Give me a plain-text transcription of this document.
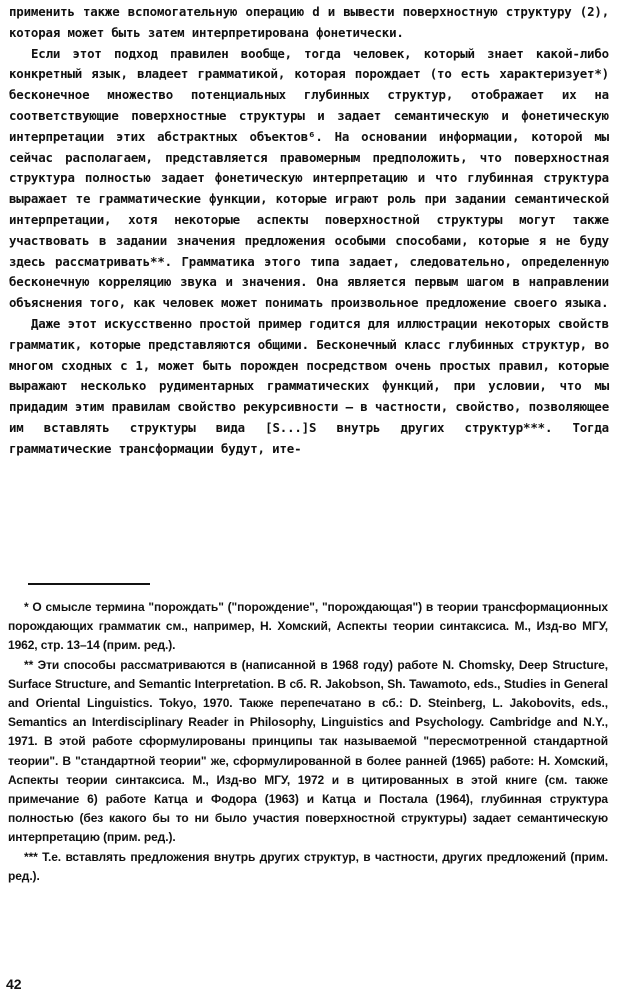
применить также вспомогательную операцию d и вывести поверхностную структуру (2), которая может быть затем интерпретирована фонетически.

Если этот подход правилен вообще, тогда человек, который знает какой-либо конкретный язык, владеет грамматикой, которая порождает (то есть характеризует*) бесконечное множество потенциальных глубинных структур, отображает их на соответствующие поверхностные структуры и задает семантическую и фонетическую интерпретации этих абстрактных объектов⁶. На основании информации, которой мы сейчас располагаем, представляется правомерным предположить, что поверхностная структура полностью задает фонетическую интерпретацию и что глубинная структура выражает те грамматические функции, которые играют роль при задании семантической интерпретации, хотя некоторые аспекты поверхностной структуры могут также участвовать в задании значения предложения особыми способами, которые я не буду здесь рассматривать**. Грамматика этого типа задает, следовательно, определенную бесконечную корреляцию звука и значения. Она является первым шагом в направлении объяснения того, как человек может понимать произвольное предложение своего языка.

Даже этот искусственно простой пример годится для иллюстрации некоторых свойств грамматик, которые представляются общими. Бесконечный класс глубинных структур, во многом сходных с 1, может быть порожден посредством очень простых правил, которые выражают несколько рудиментарных грамматических функций, при условии, что мы придадим этим правилам свойство рекурсивности — в частности, свойство, позволяющее им вставлять структуры вида [S...]S внутрь других структур***. Тогда грамматические трансформации будут, ите-

* О смысле термина "порождать" ("порождение", "порождающая") в теории трансформационных порождающих грамматик см., например, Н. Хомский, Аспекты теории синтаксиса. М., Изд-во МГУ, 1962, стр. 13–14 (прим. ред.).

** Эти способы рассматриваются в (написанной в 1968 году) работе N. Chomsky, Deep Structure, Surface Structure, and Semantic Interpretation. В сб. R. Jakobson, Sh. Tawamoto, eds., Studies in General and Oriental Linguistics. Tokyo, 1970. Также перепечатано в сб.: D. Steinberg, L. Jakobovits, eds., Semantics an Interdisciplinary Reader in Philosophy, Linguistics and Psychology. Cambridge and N.Y., 1971. В этой работе сформулированы принципы так называемой "пересмотренной стандартной теории". В "стандартной теории" же, сформулированной в более ранней (1965) работе: Н. Хомский, Аспекты теории синтаксиса. М., Изд-во МГУ, 1972 и в цитированных в этой книге (см. также примечание 6) работе Катца и Фодора (1963) и Катца и Постала (1964), глубинная структура полностью (без какого бы то ни было участия поверхностной структуры) задает семантическую интерпретацию (прим. ред.).

*** Т.е. вставлять предложения внутрь других структур, в частности, других предложений (прим. ред.).

42
